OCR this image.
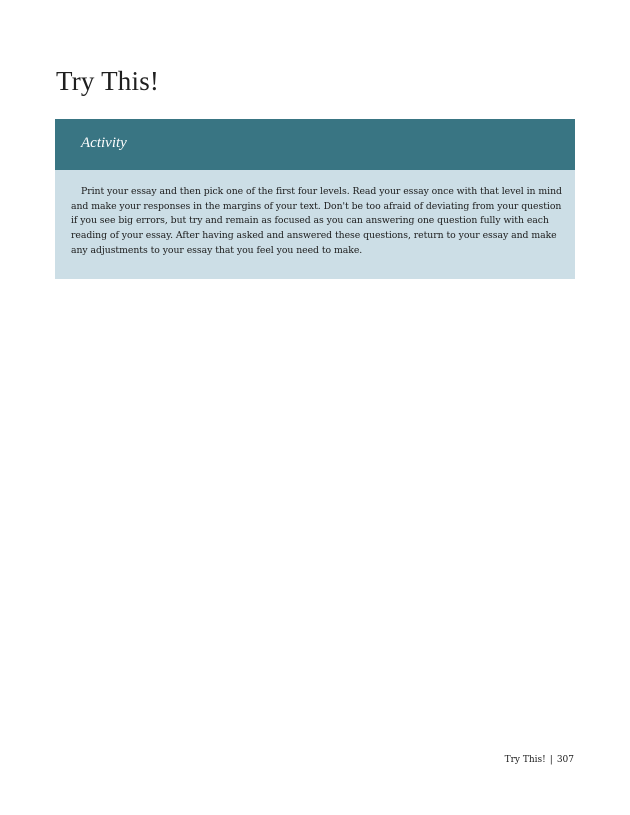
Try This!
Activity

Print your essay and then pick one of the first four levels. Read your essay once with that level in mind and make your responses in the margins of your text. Don't be too afraid of deviating from your question if you see big errors, but try and remain as focused as you can answering one question fully with each reading of your essay. After having asked and answered these questions, return to your essay and make any adjustments to your essay that you feel you need to make.

Try This! | 307
